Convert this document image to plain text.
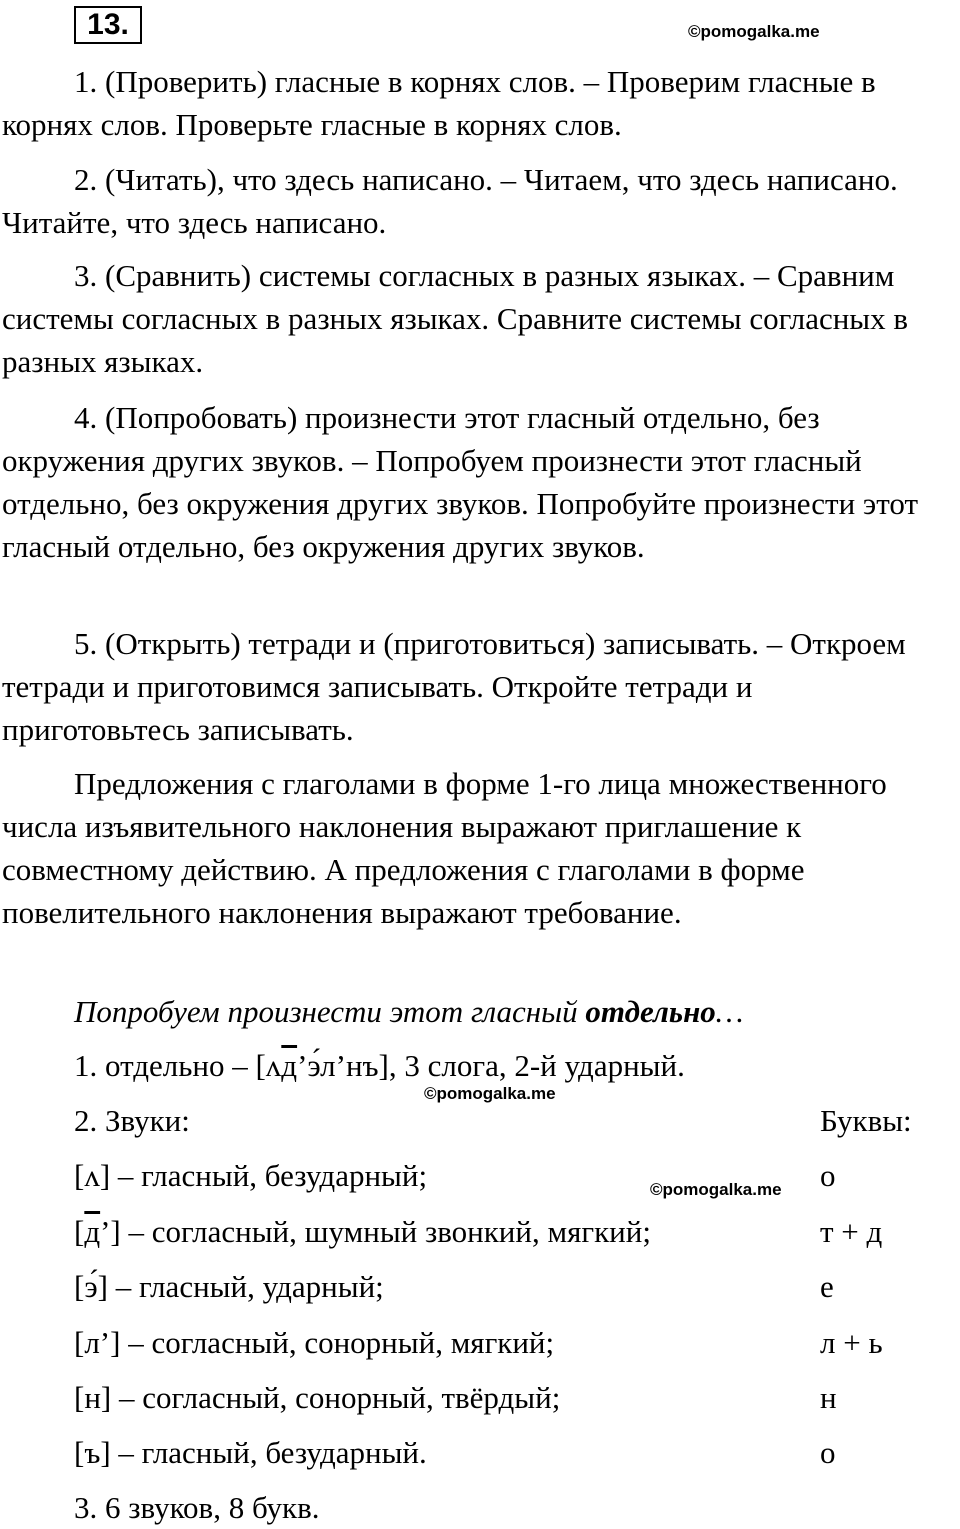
13.	©pomogalka.me

1. (Проверить) гласные в корнях слов. – Проверим гласные в корнях слов. Проверьте гласные в корнях слов.

2. (Читать), что здесь написано. – Читаем, что здесь написано. Читайте, что здесь написано.

3. (Сравнить) системы согласных в разных языках. – Сравним системы согласных в разных языках. Сравните системы согласных в разных языках.

4. (Попробовать) произнести этот гласный отдельно, без окружения других звуков. – Попробуем произнести этот гласный отдельно, без окружения других звуков. Попробуйте произнести этот гласный отдельно, без окружения других звуков.

5. (Открыть) тетради и (приготовиться) записывать. – Откроем тетради и приготовимся записывать. Откройте тетради и приготовьтесь записывать.

Предложения с глаголами в форме 1-го лица множественного числа изъявительного наклонения выражают приглашение к совместному действию. А предложения с глаголами в форме повелительного наклонения выражают требование.

Попробуем произнести этот гласный отдельно…
1. отдельно – [ʌд’э́л’нъ], 3 слога, 2-й ударный.
©pomogalka.me
2. Звуки:	Буквы:
[ʌ] – гласный, безударный;	©pomogalka.me о
[д’] – согласный, шумный звонкий, мягкий;	т + д
[э́] – гласный, ударный;	е
[л’] – согласный, сонорный, мягкий;	л + ь
[н] – согласный, сонорный, твёрдый;	н
[ъ] – гласный, безударный.	о
3. 6 звуков, 8 букв.
